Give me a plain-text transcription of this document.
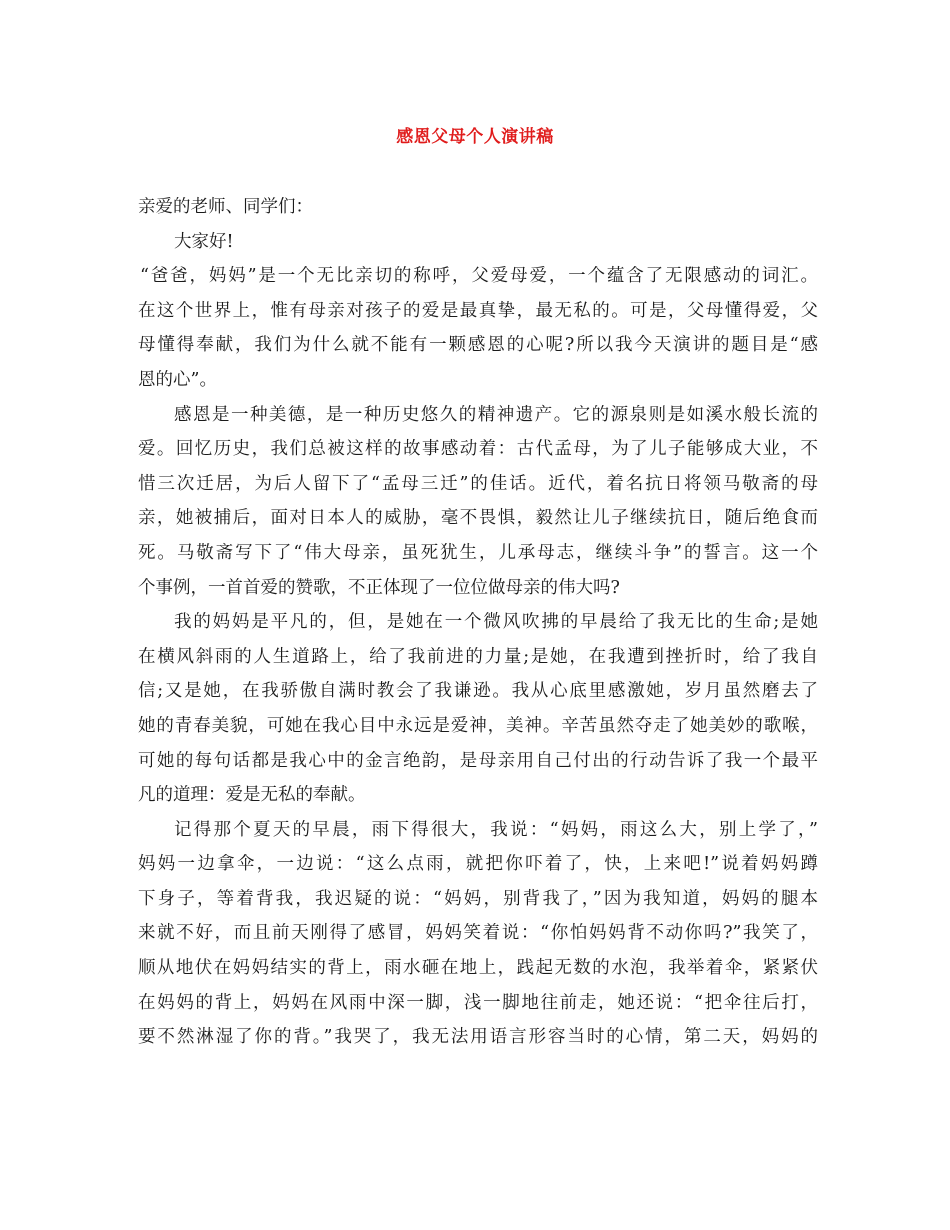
感恩父母个人演讲稿
亲爱的老师、同学们：
大家好!
“爸爸，妈妈”是一个无比亲切的称呼，父爱母爱，一个蕴含了无限感动的词汇。
在这个世界上，惟有母亲对孩子的爱是最真挚，最无私的。可是，父母懂得爱，父
母懂得奉献，我们为什么就不能有一颗感恩的心呢?所以我今天演讲的题目是“感
恩的心”。
感恩是一种美德，是一种历史悠久的精神遗产。它的源泉则是如溪水般长流的
爱。回忆历史，我们总被这样的故事感动着：古代孟母，为了儿子能够成大业，不
惜三次迁居，为后人留下了“孟母三迁”的佳话。近代，着名抗日将领马敬斋的母
亲，她被捕后，面对日本人的威胁，毫不畏惧，毅然让儿子继续抗日，随后绝食而
死。马敬斋写下了“伟大母亲，虽死犹生，儿承母志，继续斗争”的誓言。这一个
个事例，一首首爱的赞歌，不正体现了一位位做母亲的伟大吗?
我的妈妈是平凡的，但，是她在一个微风吹拂的早晨给了我无比的生命;是她
在横风斜雨的人生道路上，给了我前进的力量;是她，在我遭到挫折时，给了我自
信;又是她，在我骄傲自满时教会了我谦逊。我从心底里感激她，岁月虽然磨去了
她的青春美貌，可她在我心目中永远是爱神，美神。辛苦虽然夺走了她美妙的歌喉，
可她的每句话都是我心中的金言绝韵，是母亲用自己付出的行动告诉了我一个最平
凡的道理：爱是无私的奉献。
记得那个夏天的早晨，雨下得很大，我说：“妈妈，雨这么大，别上学了，”
妈妈一边拿伞，一边说：“这么点雨，就把你吓着了，快，上来吧!”说着妈妈蹲
下身子，等着背我，我迟疑的说：“妈妈，别背我了，”因为我知道，妈妈的腿本
来就不好，而且前天刚得了感冒，妈妈笑着说：“你怕妈妈背不动你吗?”我笑了，
顺从地伏在妈妈结实的背上，雨水砸在地上，践起无数的水泡，我举着伞，紧紧伏
在妈妈的背上，妈妈在风雨中深一脚，浅一脚地往前走，她还说：“把伞往后打，
要不然淋湿了你的背。”我哭了，我无法用语言形容当时的心情，第二天，妈妈的
